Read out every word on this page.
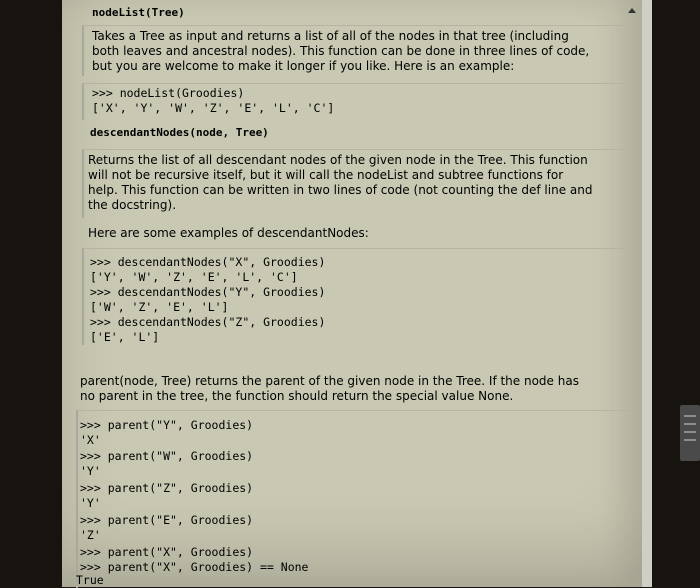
nodeList(Tree)
Takes a Tree as input and returns a list of all of the nodes in that tree (including
both leaves and ancestral nodes). This function can be done in three lines of code,
but you are welcome to make it longer if you like. Here is an example:
>>> nodeList(Groodies)
['X', 'Y', 'W', 'Z', 'E', 'L', 'C']
descendantNodes(node, Tree)
Returns the list of all descendant nodes of the given node in the Tree. This function
will not be recursive itself, but it will call the nodeList and subtree functions for
help. This function can be written in two lines of code (not counting the def line and
the docstring).
Here are some examples of descendantNodes:
>>> descendantNodes("X", Groodies)
['Y', 'W', 'Z', 'E', 'L', 'C']
>>> descendantNodes("Y", Groodies)
['W', 'Z', 'E', 'L']
>>> descendantNodes("Z", Groodies)
['E', 'L']
parent(node, Tree) returns the parent of the given node in the Tree. If the node has
no parent in the tree, the function should return the special value None.
>>> parent("Y", Groodies)
'X'
>>> parent("W", Groodies)
'Y'
>>> parent("Z", Groodies)
'Y'
>>> parent("E", Groodies)
'Z'
>>> parent("X", Groodies)
>>> parent("X", Groodies) == None
True
